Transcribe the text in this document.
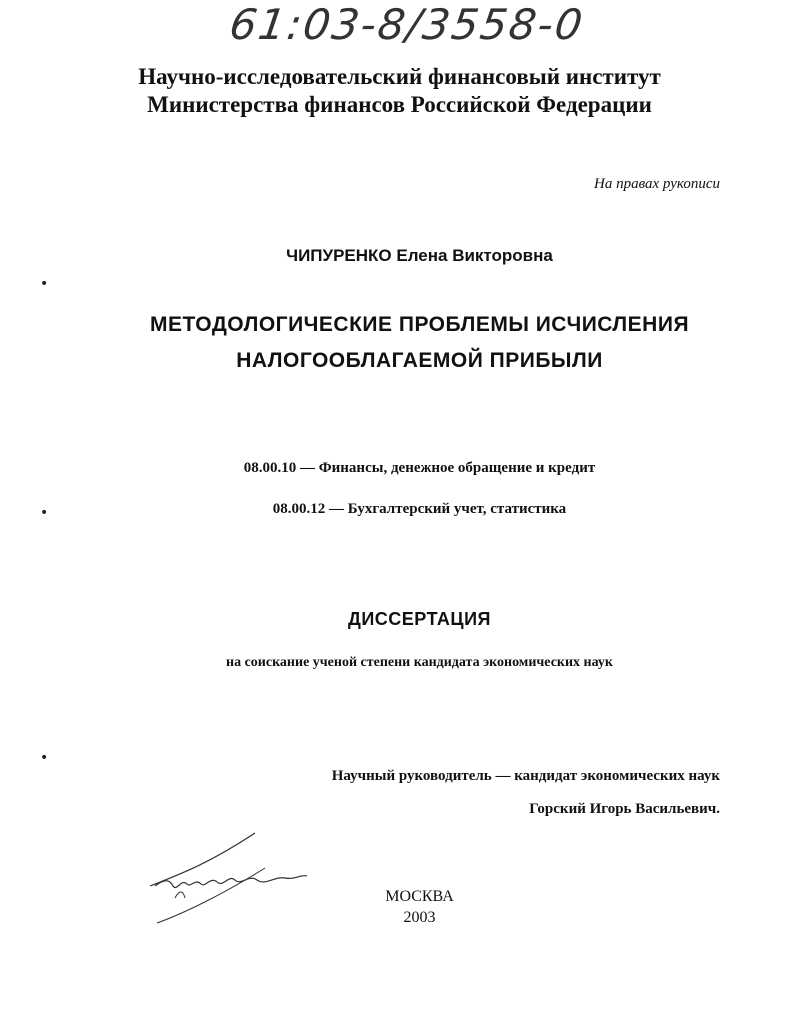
61:03-8/3558-0
Научно-исследовательский финансовый институт
Министерства финансов Российской Федерации
На правах рукописи
ЧИПУРЕНКО Елена Викторовна
МЕТОДОЛОГИЧЕСКИЕ ПРОБЛЕМЫ ИСЧИСЛЕНИЯ
НАЛОГООБЛАГАЕМОЙ ПРИБЫЛИ
08.00.10 — Финансы, денежное обращение и кредит
08.00.12 — Бухгалтерский учет, статистика
ДИССЕРТАЦИЯ
на соискание ученой степени кандидата экономических наук
Научный руководитель — кандидат экономических наук
Горский Игорь Васильевич.
МОСКВА
2003
•
•
•
